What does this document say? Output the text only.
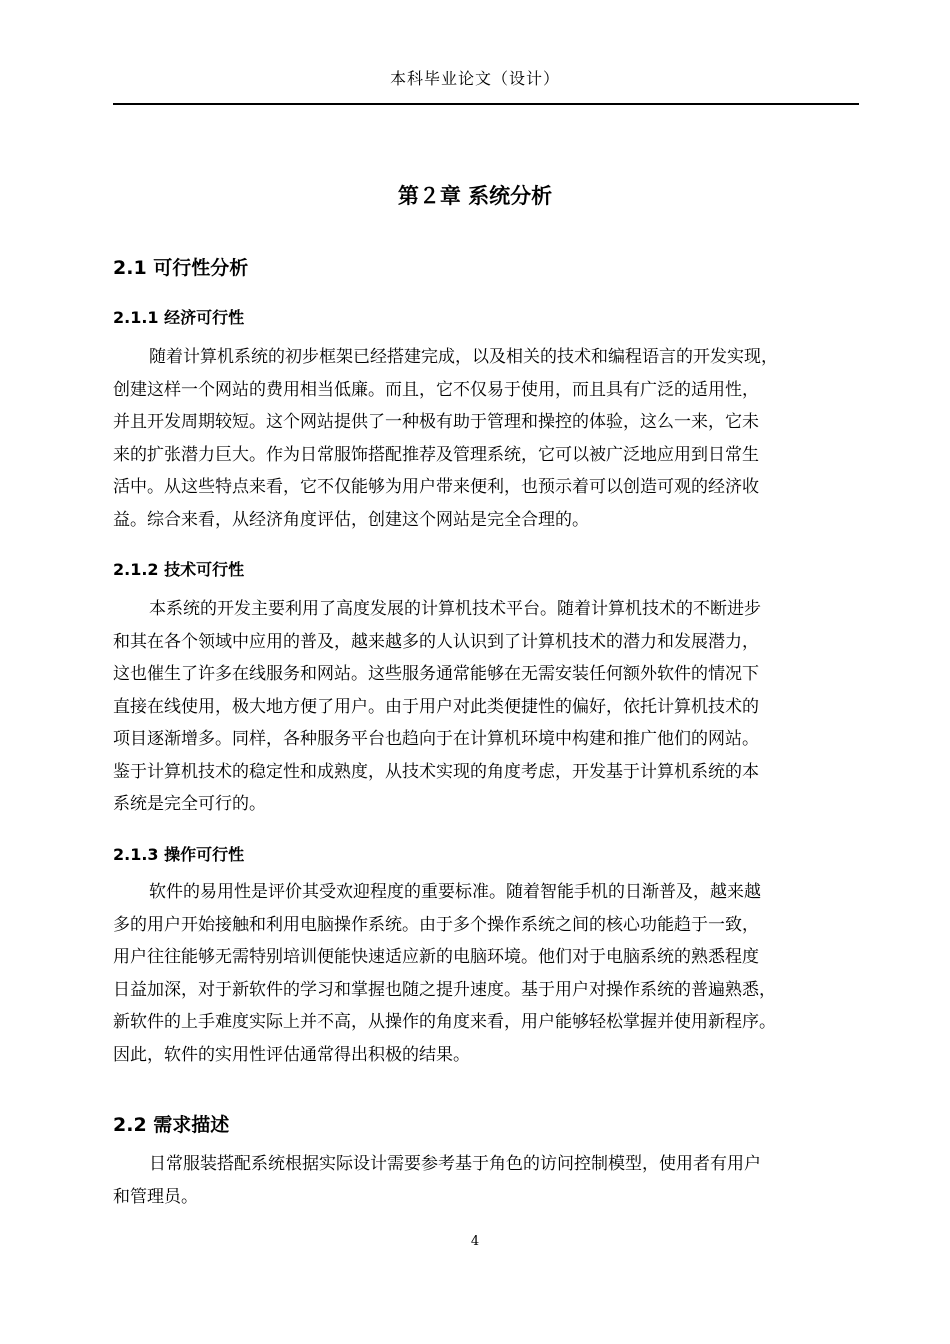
本科毕业论文（设计）
第２章 系统分析
2.1 可行性分析
2.1.1 经济可行性
随着计算机系统的初步框架已经搭建完成，以及相关的技术和编程语言的开发实现，
创建这样一个网站的费用相当低廉。而且，它不仅易于使用，而且具有广泛的适用性，
并且开发周期较短。这个网站提供了一种极有助于管理和操控的体验，这么一来，它未
来的扩张潜力巨大。作为日常服饰搭配推荐及管理系统，它可以被广泛地应用到日常生
活中。从这些特点来看，它不仅能够为用户带来便利，也预示着可以创造可观的经济收
益。综合来看，从经济角度评估，创建这个网站是完全合理的。
2.1.2 技术可行性
本系统的开发主要利用了高度发展的计算机技术平台。随着计算机技术的不断进步
和其在各个领域中应用的普及，越来越多的人认识到了计算机技术的潜力和发展潜力，
这也催生了许多在线服务和网站。这些服务通常能够在无需安装任何额外软件的情况下
直接在线使用，极大地方便了用户。由于用户对此类便捷性的偏好，依托计算机技术的
项目逐渐增多。同样，各种服务平台也趋向于在计算机环境中构建和推广他们的网站。
鉴于计算机技术的稳定性和成熟度，从技术实现的角度考虑，开发基于计算机系统的本
系统是完全可行的。
2.1.3 操作可行性
软件的易用性是评价其受欢迎程度的重要标准。随着智能手机的日渐普及，越来越
多的用户开始接触和利用电脑操作系统。由于多个操作系统之间的核心功能趋于一致，
用户往往能够无需特别培训便能快速适应新的电脑环境。他们对于电脑系统的熟悉程度
日益加深，对于新软件的学习和掌握也随之提升速度。基于用户对操作系统的普遍熟悉，
新软件的上手难度实际上并不高，从操作的角度来看，用户能够轻松掌握并使用新程序。
因此，软件的实用性评估通常得出积极的结果。
2.2 需求描述
日常服装搭配系统根据实际设计需要参考基于角色的访问控制模型，使用者有用户
和管理员。
4
